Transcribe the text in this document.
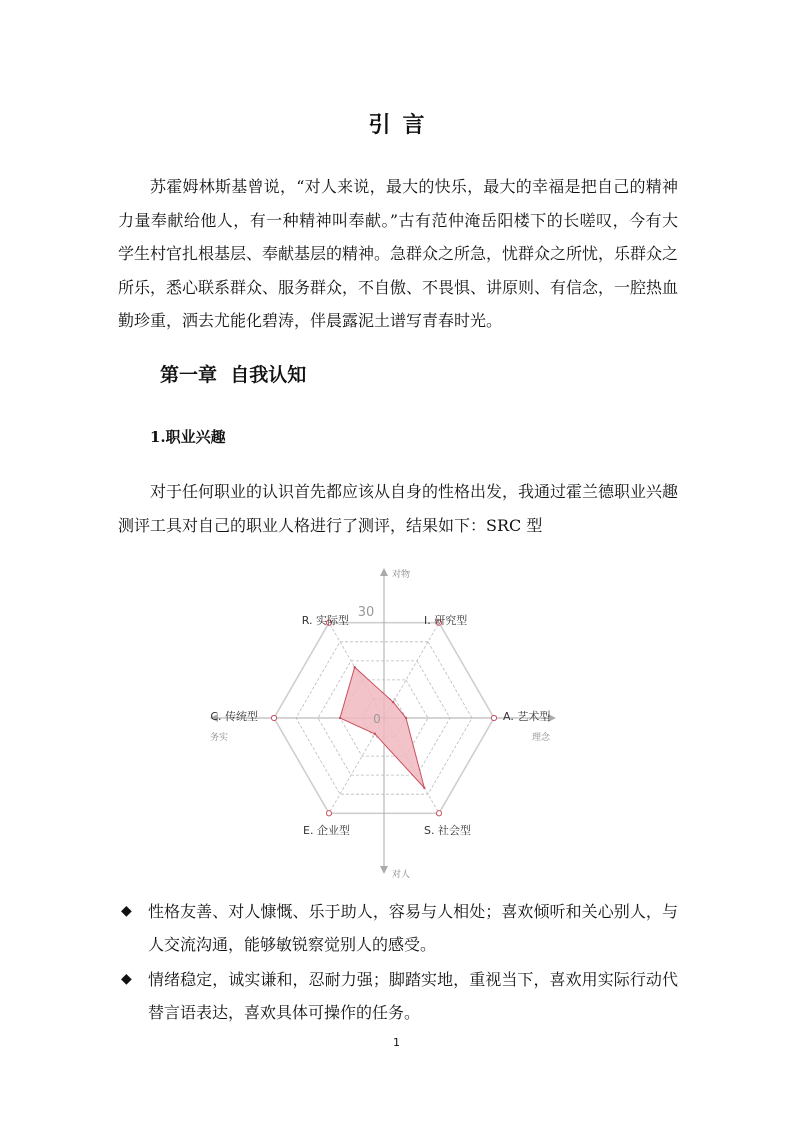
引言

苏霍姆林斯基曾说，“对人来说，最大的快乐，最大的幸福是把自己的精神力量奉献给他人，有一种精神叫奉献。”古有范仲淹岳阳楼下的长嗟叹，今有大学生村官扎根基层、奉献基层的精神。急群众之所急，忧群众之所忧，乐群众之所乐，悉心联系群众、服务群众，不自傲、不畏惧、讲原则、有信念，一腔热血勤珍重，洒去尤能化碧涛，伴晨露泥土谱写青春时光。

第一章  自我认知
1.职业兴趣

对于任何职业的认识首先都应该从自身的性格出发，我通过霍兰德职业兴趣测评工具对自己的职业人格进行了测评，结果如下：SRC 型

30
0
对物
对人
务实	理念
I. 研究型
A. 艺术型
S. 社会型
E. 企业型
C. 传统型
R. 实际型
◆ 性格友善、对人慷慨、乐于助人，容易与人相处；喜欢倾听和关心别人，与人交流沟通，能够敏锐察觉别人的感受。
◆ 情绪稳定，诚实谦和，忍耐力强；脚踏实地，重视当下，喜欢用实际行动代替言语表达，喜欢具体可操作的任务。
1
